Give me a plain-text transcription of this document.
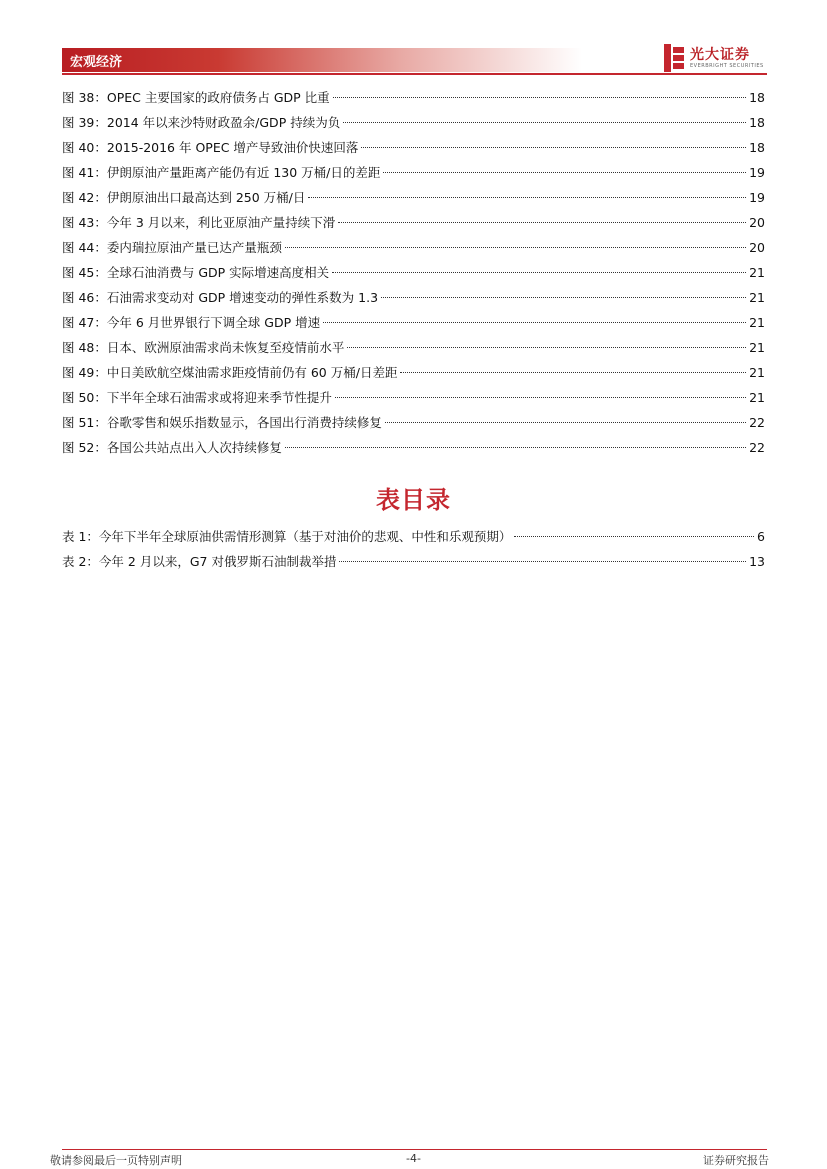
宏观经济	光大证券
EVERBRIGHT SECURITIES
图 38：OPEC 主要国家的政府债务占 GDP 比重	18
图 39：2014 年以来沙特财政盈余/GDP 持续为负	18
图 40：2015-2016 年 OPEC 增产导致油价快速回落	18
图 41：伊朗原油产量距离产能仍有近 130 万桶/日的差距	19
图 42：伊朗原油出口最高达到 250 万桶/日	19
图 43：今年 3 月以来，利比亚原油产量持续下滑	20
图 44：委内瑞拉原油产量已达产量瓶颈	20
图 45：全球石油消费与 GDP 实际增速高度相关	21
图 46：石油需求变动对 GDP 增速变动的弹性系数为 1.3	21
图 47：今年 6 月世界银行下调全球 GDP 增速	21
图 48：日本、欧洲原油需求尚未恢复至疫情前水平	21
图 49：中日美欧航空煤油需求距疫情前仍有 60 万桶/日差距	21
图 50：下半年全球石油需求或将迎来季节性提升	21
图 51：谷歌零售和娱乐指数显示，各国出行消费持续修复	22
图 52：各国公共站点出入人次持续修复	22
表目录
表 1：今年下半年全球原油供需情形测算（基于对油价的悲观、中性和乐观预期）	6
表 2：今年 2 月以来，G7 对俄罗斯石油制裁举措	13
敬请参阅最后一页特别声明	-4-	证券研究报告
